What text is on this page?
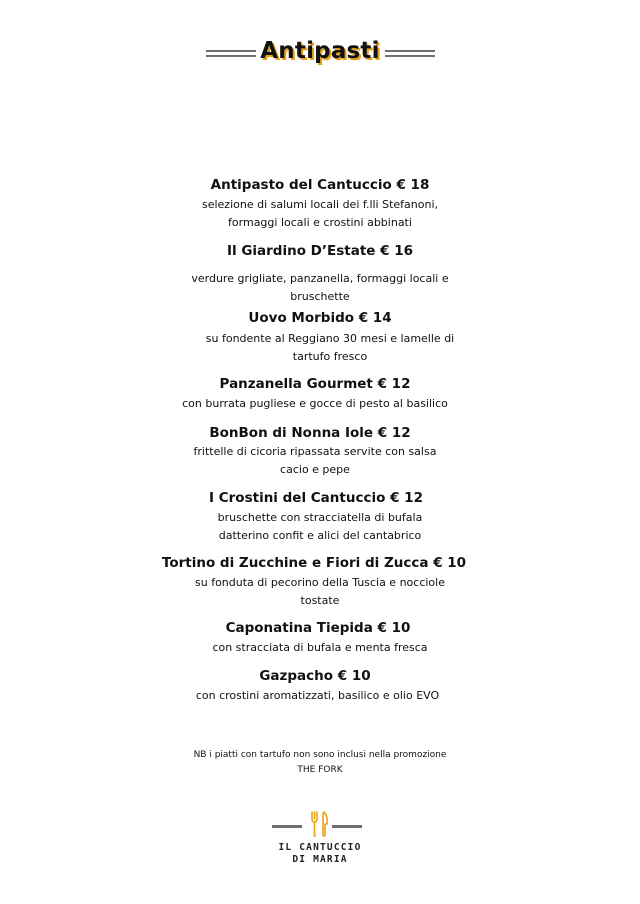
Antipasti
Antipasto del Cantuccio € 18
selezione di salumi locali dei f.lli Stefanoni,
formaggi locali e crostini abbinati
Il Giardino D’Estate € 16
verdure grigliate, panzanella, formaggi locali e
bruschette
Uovo Morbido € 14
su fondente al Reggiano 30 mesi e lamelle di
tartufo fresco
Panzanella Gourmet € 12
con burrata pugliese e gocce di pesto al basilico
BonBon di Nonna Iole € 12
frittelle di cicoria ripassata servite con salsa
cacio e pepe
I Crostini del Cantuccio € 12
bruschette con stracciatella di bufala
datterino confit e alici del cantabrico
Tortino di Zucchine e Fiori di Zucca € 10
su fonduta di pecorino della Tuscia e nocciole
tostate
Caponatina Tiepida € 10
con stracciata di bufala e menta fresca
Gazpacho € 10
con crostini aromatizzati, basilico e olio EVO
NB i piatti con tartufo non sono inclusi nella promozione
THE FORK
IL CANTUCCIO
DI MARIA
